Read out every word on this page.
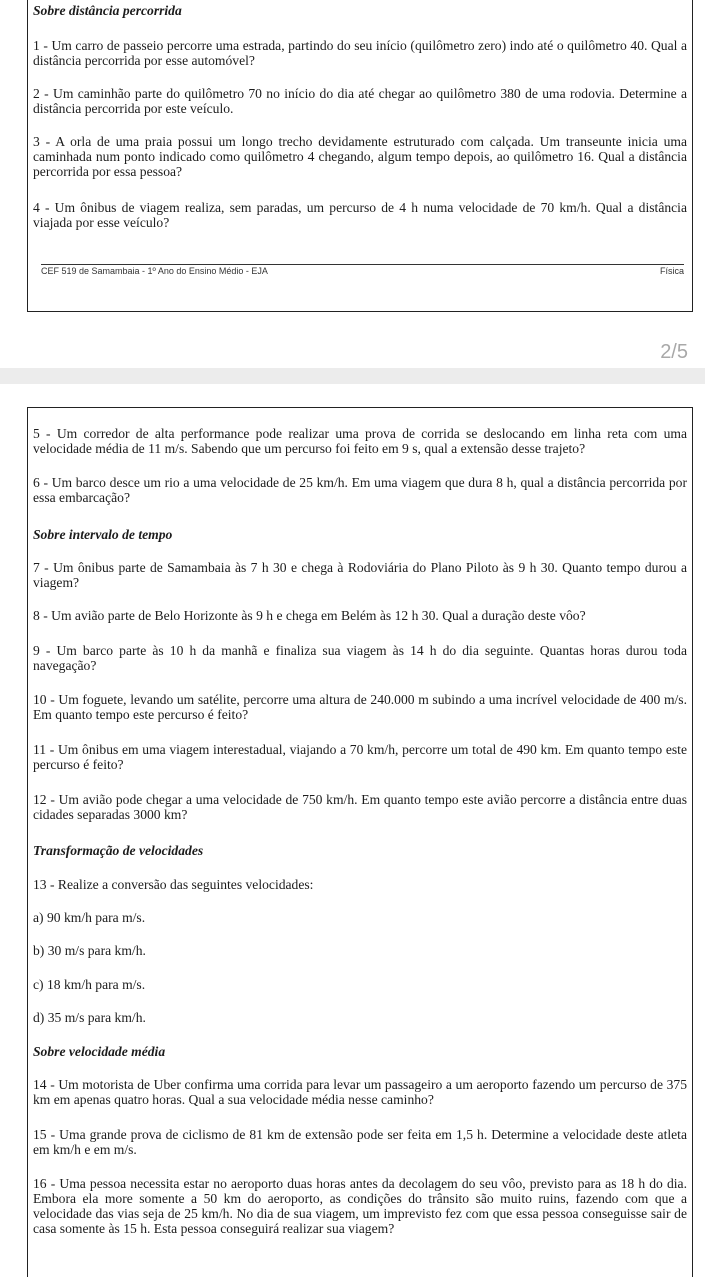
Sobre distância percorrida

1 - Um carro de passeio percorre uma estrada, partindo do seu início (quilômetro zero) indo até o quilômetro 40. Qual a distância percorrida por esse automóvel?

2 - Um caminhão parte do quilômetro 70 no início do dia até chegar ao quilômetro 380 de uma rodovia. Determine a distância percorrida por este veículo.

3 - A orla de uma praia possui um longo trecho devidamente estruturado com calçada. Um transeunte inicia uma caminhada num ponto indicado como quilômetro 4 chegando, algum tempo depois, ao quilômetro 16. Qual a distância percorrida por essa pessoa?

4 - Um ônibus de viagem realiza, sem paradas, um percurso de 4 h numa velocidade de 70 km/h. Qual a distância viajada por esse veículo?

CEF 519 de Samambaia - 1º Ano do Ensino Médio - EJA	Física
2/5

5 - Um corredor de alta performance pode realizar uma prova de corrida se deslocando em linha reta com uma velocidade média de 11 m/s. Sabendo que um percurso foi feito em 9 s, qual a extensão desse trajeto?

6 - Um barco desce um rio a uma velocidade de 25 km/h. Em uma viagem que dura 8 h, qual a distância percorrida por essa embarcação?

Sobre intervalo de tempo

7 - Um ônibus parte de Samambaia às 7 h 30 e chega à Rodoviária do Plano Piloto às 9 h 30. Quanto tempo durou a viagem?

8 - Um avião parte de Belo Horizonte às 9 h e chega em Belém às 12 h 30. Qual a duração deste vôo?

9 - Um barco parte às 10 h da manhã e finaliza sua viagem às 14 h do dia seguinte. Quantas horas durou toda navegação?

10 - Um foguete, levando um satélite, percorre uma altura de 240.000 m subindo a uma incrível velocidade de 400 m/s. Em quanto tempo este percurso é feito?

11 - Um ônibus em uma viagem interestadual, viajando a 70 km/h, percorre um total de 490 km. Em quanto tempo este percurso é feito?

12 - Um avião pode chegar a uma velocidade de 750 km/h. Em quanto tempo este avião percorre a distância entre duas cidades separadas 3000 km?

Transformação de velocidades

13 - Realize a conversão das seguintes velocidades:

a) 90 km/h para m/s.

b) 30 m/s para km/h.

c) 18 km/h para m/s.

d) 35 m/s para km/h.

Sobre velocidade média

14 - Um motorista de Uber confirma uma corrida para levar um passageiro a um aeroporto fazendo um percurso de 375 km em apenas quatro horas. Qual a sua velocidade média nesse caminho?

15 - Uma grande prova de ciclismo de 81 km de extensão pode ser feita em 1,5 h. Determine a velocidade deste atleta em km/h e em m/s.

16 - Uma pessoa necessita estar no aeroporto duas horas antes da decolagem do seu vôo, previsto para as 18 h do dia. Embora ela more somente a 50 km do aeroporto, as condições do trânsito são muito ruins, fazendo com que a velocidade das vias seja de 25 km/h. No dia de sua viagem, um imprevisto fez com que essa pessoa conseguisse sair de casa somente às 15 h. Esta pessoa conseguirá realizar sua viagem?
